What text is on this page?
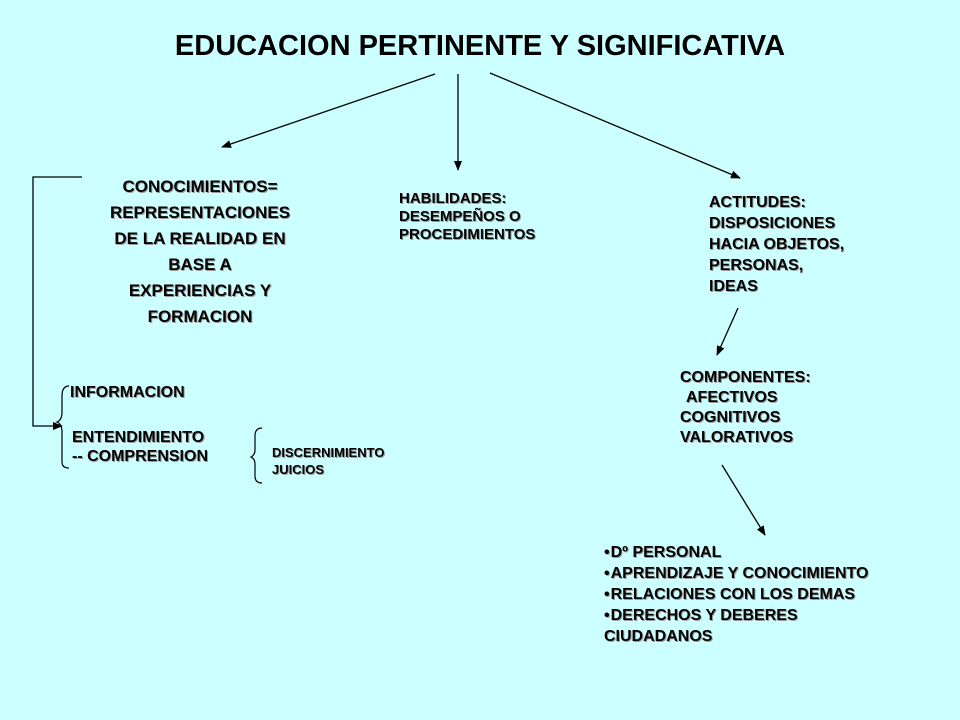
EDUCACION PERTINENTE Y SIGNIFICATIVA
CONOCIMIENTOS=
REPRESENTACIONES
DE LA REALIDAD EN
BASE A
EXPERIENCIAS Y
FORMACION
HABILIDADES:
DESEMPEÑOS O
PROCEDIMIENTOS
ACTITUDES:
DISPOSICIONES
HACIA OBJETOS,
PERSONAS,
IDEAS
COMPONENTES:
AFECTIVOS
COGNITIVOS
VALORATIVOS
INFORMACION
ENTENDIMIENTO
-- COMPRENSION	DISCERNIMIENTO
JUICIOS
• Dº PERSONAL
• APRENDIZAJE Y CONOCIMIENTO
• RELACIONES CON LOS DEMAS
• DERECHOS Y DEBERES
CIUDADANOS
